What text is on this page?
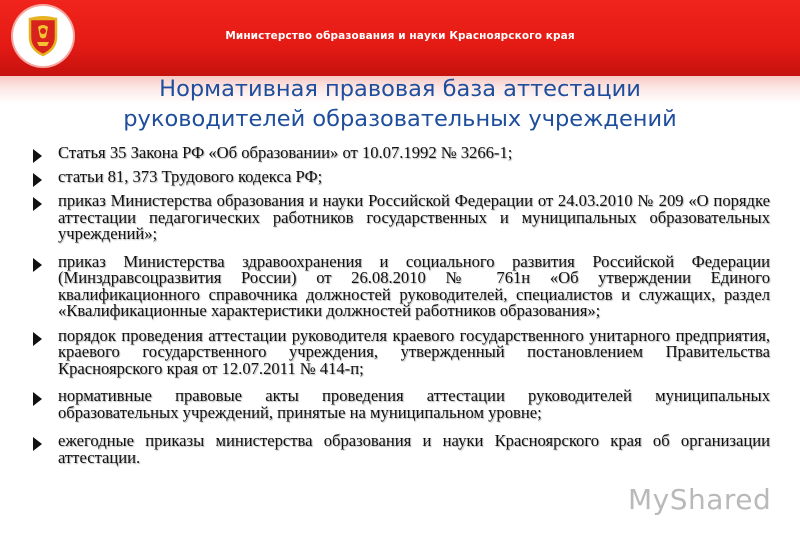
Министерство образования и науки Красноярского края
Нормативная правовая база аттестации
руководителей образовательных учреждений
Статья 35 Закона РФ «Об образовании» от 10.07.1992 № 3266-1;
статьи 81, 373 Трудового кодекса РФ;
приказ Министерства образования и науки Российской Федерации от 24.03.2010 № 209 «О порядке аттестации педагогических работников государственных и муниципальных образовательных учреждений»;
приказ Министерства здравоохранения и социального развития Российской Федерации (Минздравсоцразвития России) от 26.08.2010 № 761н «Об утверждении Единого квалификационного справочника должностей руководителей, специалистов и служащих, раздел «Квалификационные характеристики должностей работников образования»;
порядок проведения аттестации руководителя краевого государственного унитарного предприятия, краевого государственного учреждения, утвержденный постановлением Правительства Красноярского края от 12.07.2011 № 414-п;
нормативные правовые акты проведения аттестации руководителей муниципальных образовательных учреждений, принятые на муниципальном уровне;
ежегодные приказы министерства образования и науки Красноярского края об организации аттестации.
MyShared
